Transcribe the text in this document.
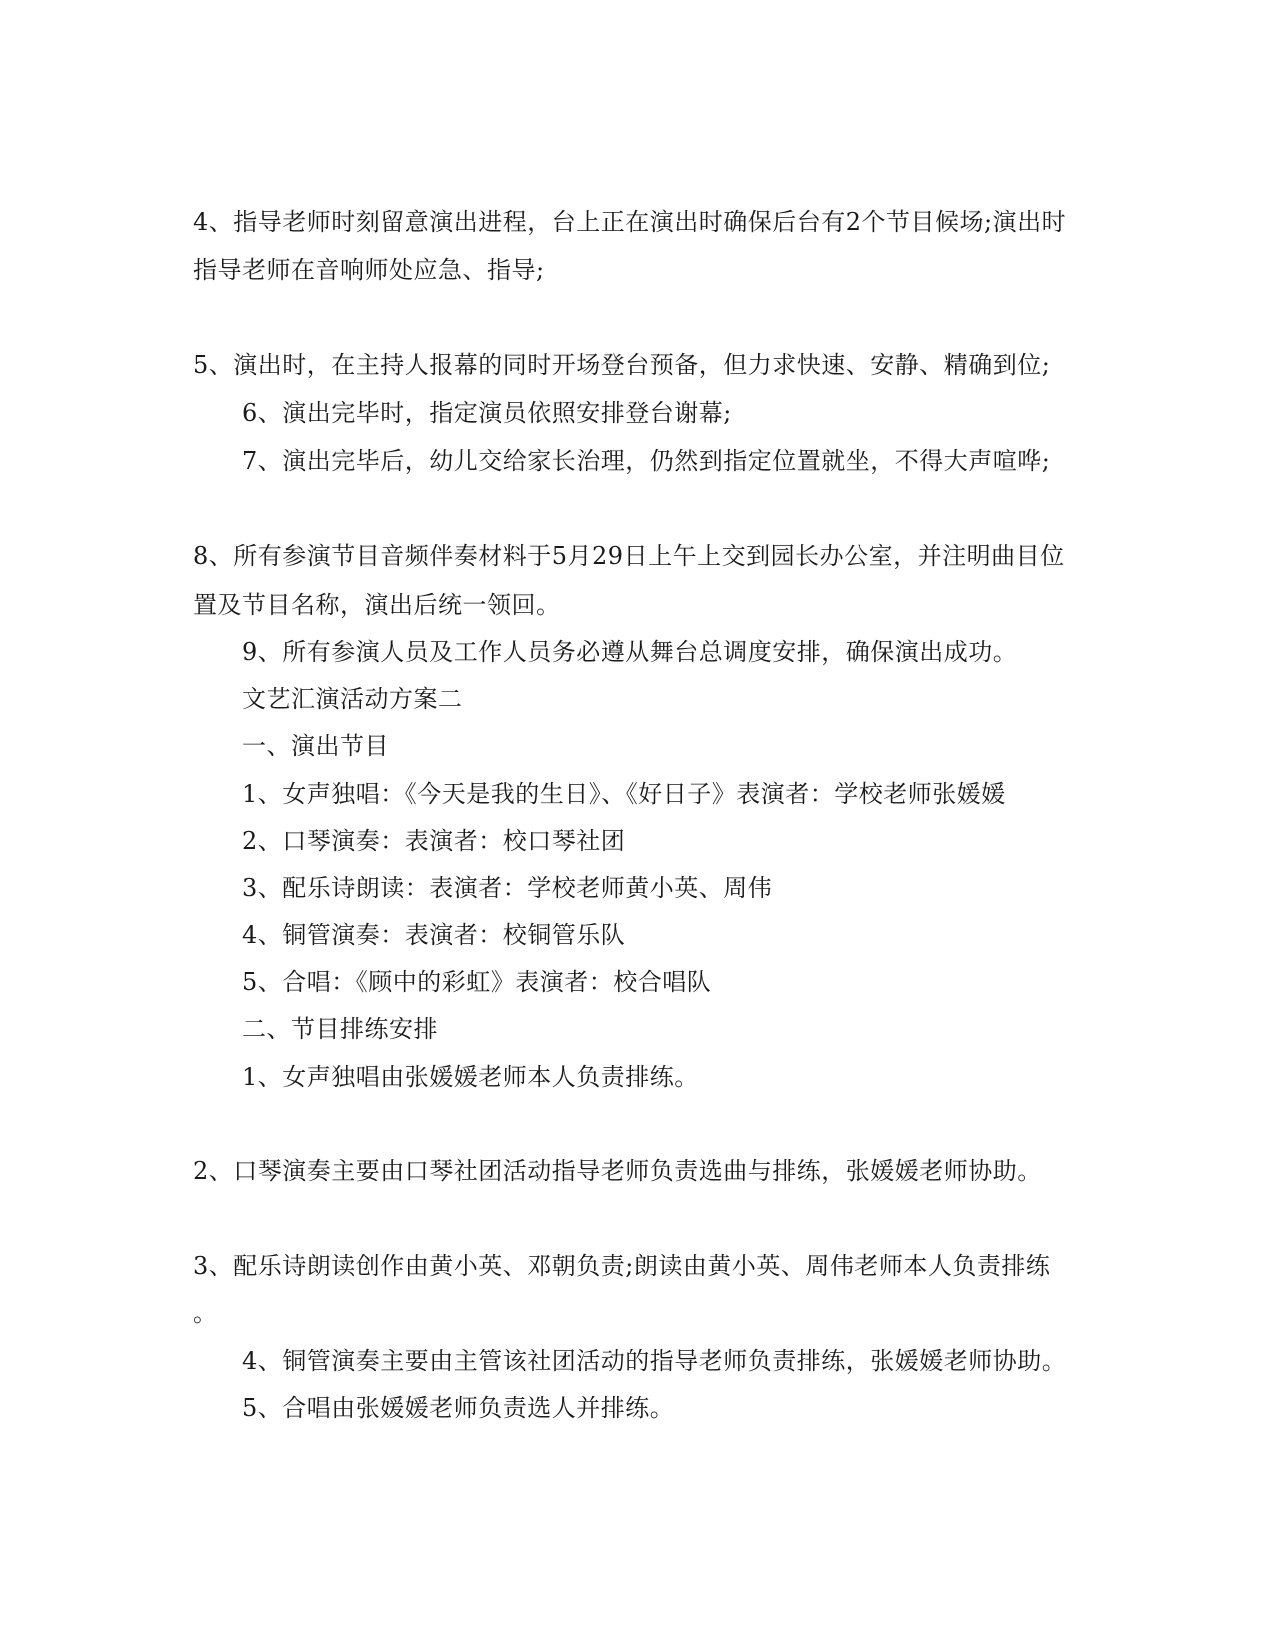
4、指导老师时刻留意演出进程，台上正在演出时确保后台有2个节目候场;演出时
指导老师在音响师处应急、指导;
5、演出时，在主持人报幕的同时开场登台预备，但力求快速、安静、精确到位;
6、演出完毕时，指定演员依照安排登台谢幕;
7、演出完毕后，幼儿交给家长治理，仍然到指定位置就坐，不得大声喧哗;
8、所有参演节目音频伴奏材料于5月29日上午上交到园长办公室，并注明曲目位
置及节目名称，演出后统一领回。
9、所有参演人员及工作人员务必遵从舞台总调度安排，确保演出成功。
文艺汇演活动方案二
一、演出节目
1、女声独唱：《今天是我的生日》、《好日子》表演者：学校老师张媛媛
2、口琴演奏：表演者：校口琴社团
3、配乐诗朗读：表演者：学校老师黄小英、周伟
4、铜管演奏：表演者：校铜管乐队
5、合唱：《顾中的彩虹》表演者：校合唱队
二、节目排练安排
1、女声独唱由张媛媛老师本人负责排练。
2、口琴演奏主要由口琴社团活动指导老师负责选曲与排练，张媛媛老师协助。
3、配乐诗朗读创作由黄小英、邓朝负责;朗读由黄小英、周伟老师本人负责排练
。
4、铜管演奏主要由主管该社团活动的指导老师负责排练，张媛媛老师协助。
5、合唱由张媛媛老师负责选人并排练。
